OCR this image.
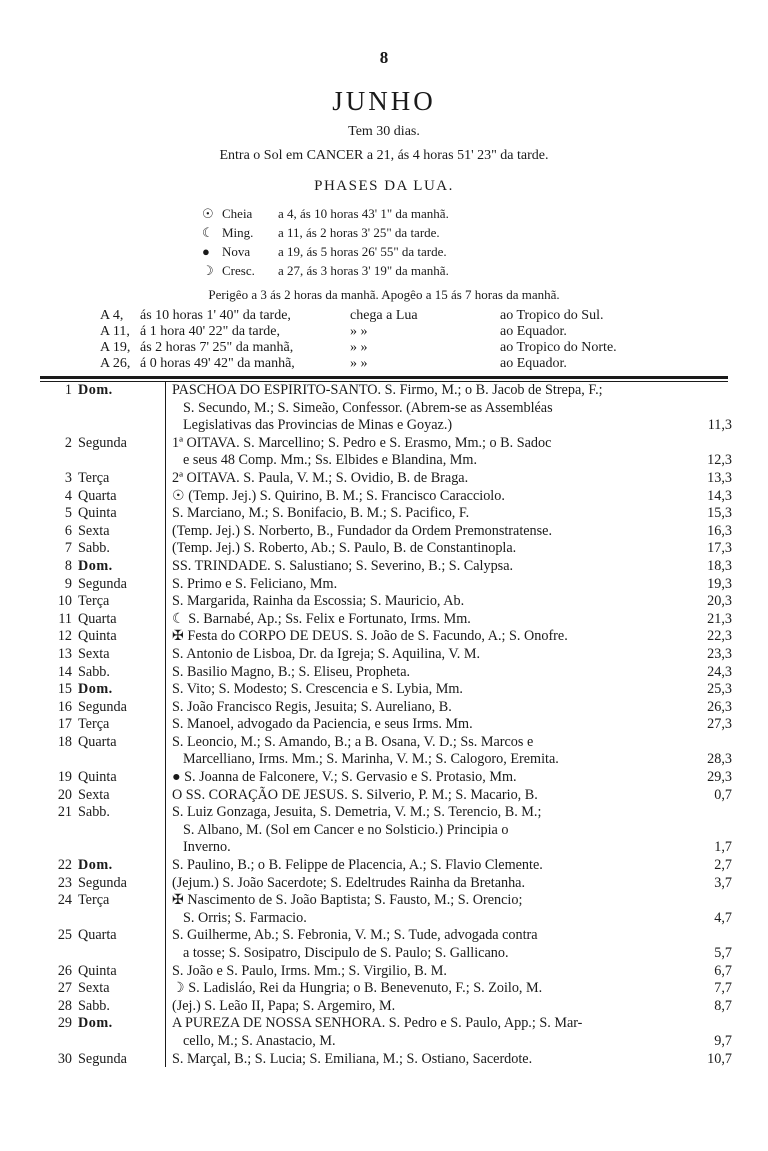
8
JUNHO
Tem 30 dias.
Entra o Sol em CANCER a 21, ás 4 horas 51' 23" da tarde.
PHASES DA LUA.
☉ Cheia	a 4, ás 10 horas 43' 1" da manhã.
☾ Ming.	a 11, ás 2 horas 3' 25" da tarde.
● Nova	a 19, ás 5 horas 26' 55" da tarde.
☽ Cresc.	a 27, ás 3 horas 3' 19" da manhã.
Perigêo a 3 ás 2 horas da manhã. Apogêo a 15 ás 7 horas da manhã.
A 4,	ás 10 horas 1' 40" da tarde,	chega a Lua	ao Tropico do Sul.
A 11, á 1 hora 40' 22" da tarde,	» »	ao Equador.
A 19, ás 2 horas 7' 25" da manhã,	» »	ao Tropico do Norte.
A 26, á 0 horas 49' 42" da manhã,	» »	ao Equador.
1 Dom.	PASCHOA DO ESPIRITO-SANTO. S. Firmo, M.; o B. Jacob de Strepa, F.;
S. Secundo, M.; S. Simeão, Confessor. (Abrem-se as Assembléas
Legislativas das Provincias de Minas e Goyaz.)	11,3
2 Segunda	1ª OITAVA. S. Marcellino; S. Pedro e S. Erasmo, Mm.; o B. Sadoc
e seus 48 Comp. Mm.; Ss. Elbides e Blandina, Mm.	12,3
3 Terça	2ª OITAVA. S. Paula, V. M.; S. Ovidio, B. de Braga.	13,3
4 Quarta	☉ (Temp. Jej.) S. Quirino, B. M.; S. Francisco Caracciolo.	14,3
5 Quinta	S. Marciano, M.; S. Bonifacio, B. M.; S. Pacifico, F.	15,3
6 Sexta	(Temp. Jej.) S. Norberto, B., Fundador da Ordem Premonstratense.	16,3
7 Sabb.	(Temp. Jej.) S. Roberto, Ab.; S. Paulo, B. de Constantinopla.	17,3
8 Dom.	SS. TRINDADE. S. Salustiano; S. Severino, B.; S. Calypsa.	18,3
9 Segunda	S. Primo e S. Feliciano, Mm.	19,3
10 Terça	S. Margarida, Rainha da Escossia; S. Mauricio, Ab.	20,3
11 Quarta	☾ S. Barnabé, Ap.; Ss. Felix e Fortunato, Irms. Mm.	21,3
12 Quinta	✠ Festa do CORPO DE DEUS. S. João de S. Facundo, A.; S. Onofre.	22,3
13 Sexta	S. Antonio de Lisboa, Dr. da Igreja; S. Aquilina, V. M.	23,3
14 Sabb.	S. Basilio Magno, B.; S. Eliseu, Propheta.	24,3
15 Dom.	S. Vito; S. Modesto; S. Crescencia e S. Lybia, Mm.	25,3
16 Segunda	S. João Francisco Regis, Jesuita; S. Aureliano, B.	26,3
17 Terça	S. Manoel, advogado da Paciencia, e seus Irms. Mm.	27,3
18 Quarta	S. Leoncio, M.; S. Amando, B.; a B. Osana, V. D.; Ss. Marcos e
Marcelliano, Irms. Mm.; S. Marinha, V. M.; S. Calogoro, Eremita.	28,3
19 Quinta	● S. Joanna de Falconere, V.; S. Gervasio e S. Protasio, Mm.	29,3
20 Sexta	O SS. CORAÇÃO DE JESUS. S. Silverio, P. M.; S. Macario, B.	0,7
21 Sabb.	S. Luiz Gonzaga, Jesuita, S. Demetria, V. M.; S. Terencio, B. M.;
S. Albano, M. (Sol em Cancer e no Solsticio.) Principia o
Inverno.	1,7
22 Dom.	S. Paulino, B.; o B. Felippe de Placencia, A.; S. Flavio Clemente.	2,7
23 Segunda	(Jejum.) S. João Sacerdote; S. Edeltrudes Rainha da Bretanha.	3,7
24 Terça	✠ Nascimento de S. João Baptista; S. Fausto, M.; S. Orencio;
S. Orris; S. Farmacio.	4,7
25 Quarta	S. Guilherme, Ab.; S. Febronia, V. M.; S. Tude, advogada contra
a tosse; S. Sosipatro, Discipulo de S. Paulo; S. Gallicano.	5,7
26 Quinta	S. João e S. Paulo, Irms. Mm.; S. Virgilio, B. M.	6,7
27 Sexta	☽ S. Ladisláo, Rei da Hungria; o B. Benevenuto, F.; S. Zoilo, M.	7,7
28 Sabb.	(Jej.) S. Leão II, Papa; S. Argemiro, M.	8,7
29 Dom.	A PUREZA DE NOSSA SENHORA. S. Pedro e S. Paulo, App.; S. Mar-
cello, M.; S. Anastacio, M.	9,7
30 Segunda	S. Marçal, B.; S. Lucia; S. Emiliana, M.; S. Ostiano, Sacerdote.	10,7
